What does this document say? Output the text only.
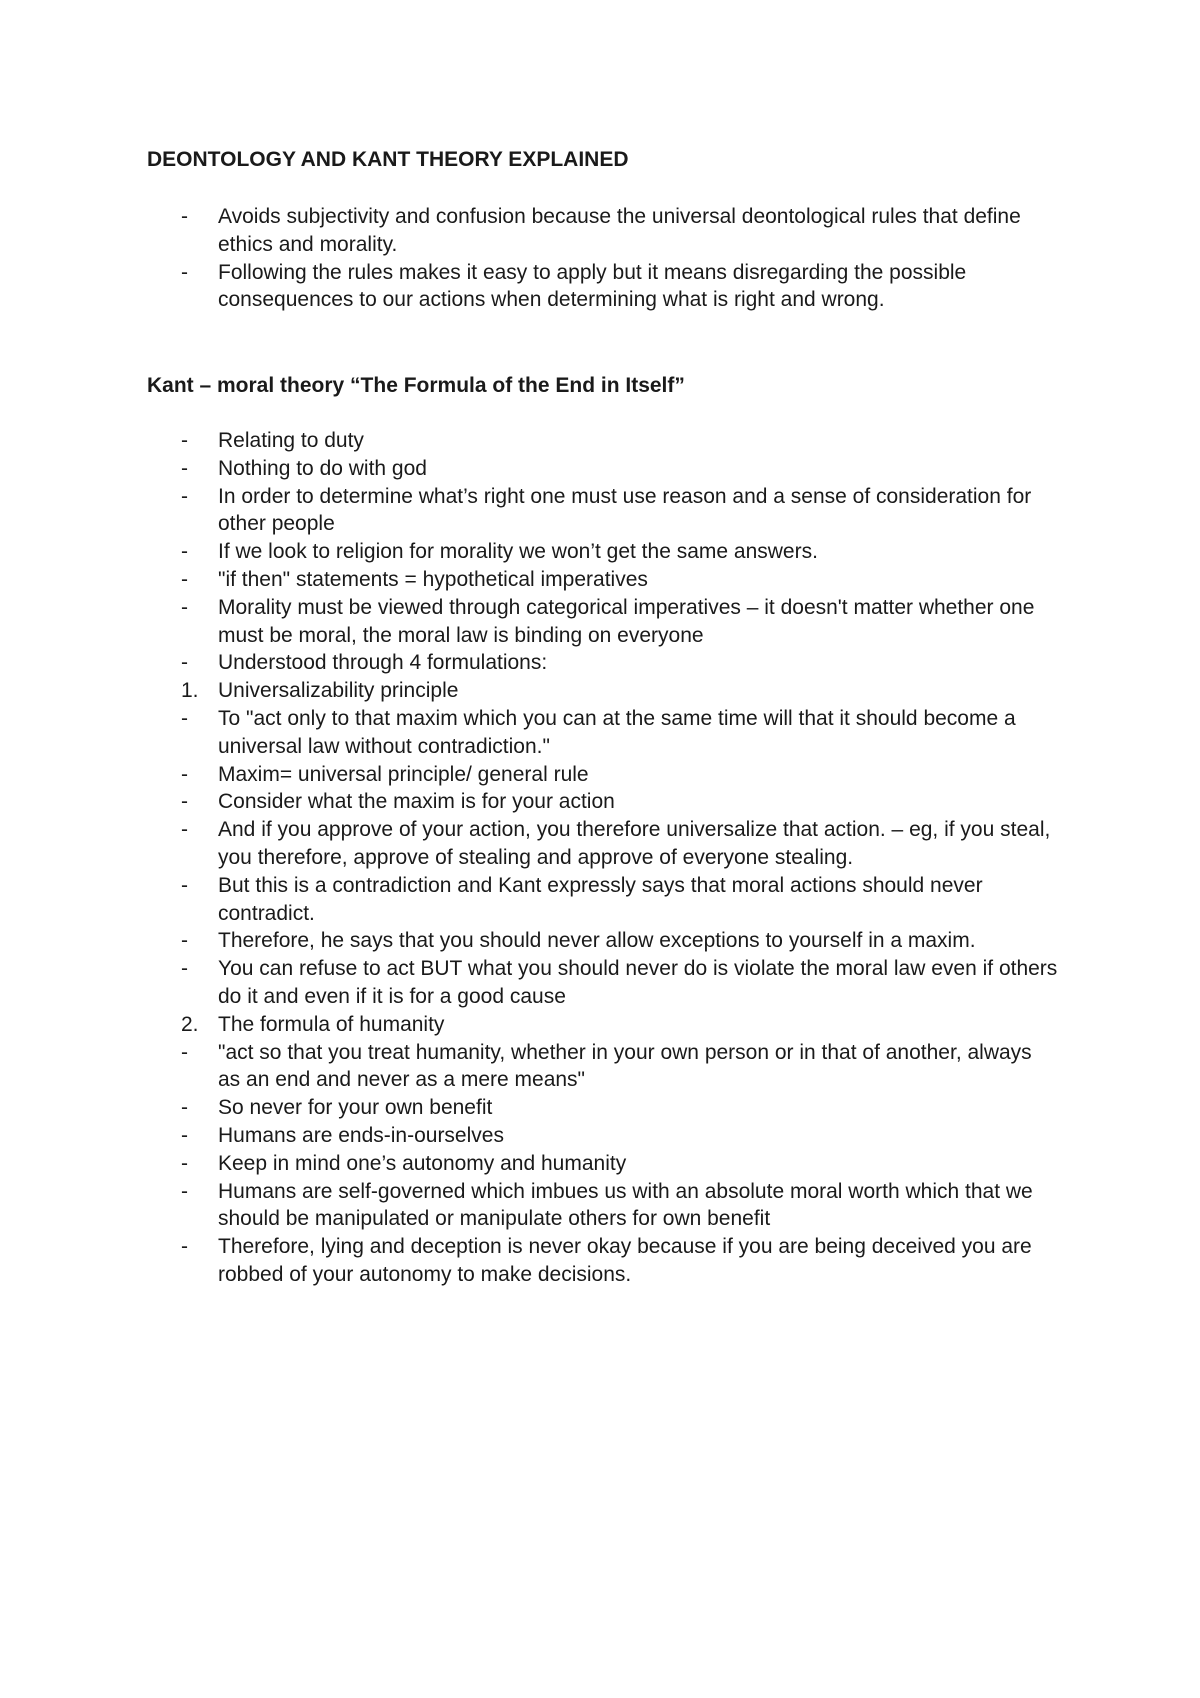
DEONTOLOGY AND KANT THEORY EXPLAINED
- Avoids subjectivity and confusion because the universal deontological rules that define ethics and morality.
- Following the rules makes it easy to apply but it means disregarding the possible consequences to our actions when determining what is right and wrong.
Kant – moral theory “The Formula of the End in Itself”
- Relating to duty
- Nothing to do with god
- In order to determine what’s right one must use reason and a sense of consideration for other people
- If we look to religion for morality we won’t get the same answers.
- "if then" statements = hypothetical imperatives
- Morality must be viewed through categorical imperatives – it doesn't matter whether one must be moral, the moral law is binding on everyone
- Understood through 4 formulations:
1. Universalizability principle
- To "act only to that maxim which you can at the same time will that it should become a universal law without contradiction."
- Maxim= universal principle/ general rule
- Consider what the maxim is for your action
- And if you approve of your action, you therefore universalize that action. – eg, if you steal, you therefore, approve of stealing and approve of everyone stealing.
- But this is a contradiction and Kant expressly says that moral actions should never contradict.
- Therefore, he says that you should never allow exceptions to yourself in a maxim.
- You can refuse to act BUT what you should never do is violate the moral law even if others do it and even if it is for a good cause
2. The formula of humanity
- "act so that you treat humanity, whether in your own person or in that of another, always as an end and never as a mere means"
- So never for your own benefit
- Humans are ends-in-ourselves
- Keep in mind one’s autonomy and humanity
- Humans are self-governed which imbues us with an absolute moral worth which that we should be manipulated or manipulate others for own benefit
- Therefore, lying and deception is never okay because if you are being deceived you are robbed of your autonomy to make decisions.
